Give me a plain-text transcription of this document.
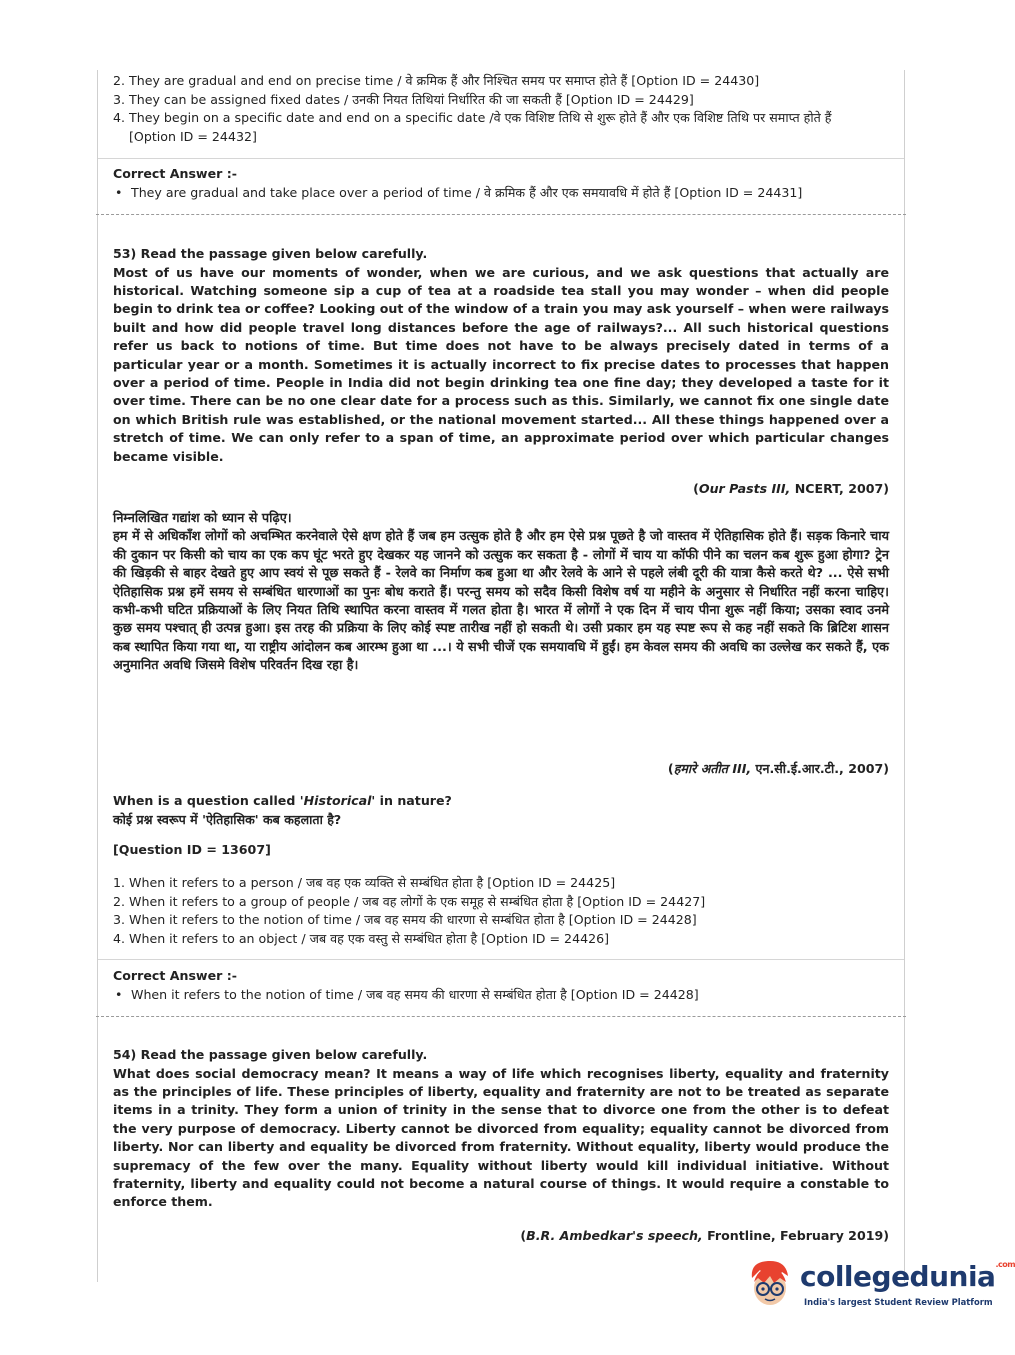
2. They are gradual and end on precise time / वे क्रमिक हैं और निश्चित समय पर समाप्त होते हैं [Option ID = 24430]
3. They can be assigned fixed dates / उनकी नियत तिथियां निर्धारित की जा सकती हैं [Option ID = 24429]
4. They begin on a specific date and end on a specific date /वे एक विशिष्ट तिथि से शुरू होते हैं और एक विशिष्ट तिथि पर समाप्त होते हैं
[Option ID = 24432]
Correct Answer :-
• They are gradual and take place over a period of time / वे क्रमिक हैं और एक समयावधि में होते हैं [Option ID = 24431]
53) Read the passage given below carefully.
Most of us have our moments of wonder, when we are curious, and we ask questions that actually are historical. Watching someone sip a cup of tea at a roadside tea stall you may wonder – when did people begin to drink tea or coffee? Looking out of the window of a train you may ask yourself – when were railways built and how did people travel long distances before the age of railways?... All such historical questions refer us back to notions of time. But time does not have to be always precisely dated in terms of a particular year or a month. Sometimes it is actually incorrect to fix precise dates to processes that happen over a period of time. People in India did not begin drinking tea one fine day; they developed a taste for it over time. There can be no one clear date for a process such as this. Similarly, we cannot fix one single date on which British rule was established, or the national movement started... All these things happened over a stretch of time. We can only refer to a span of time, an approximate period over which particular changes became visible.
(Our Pasts III, NCERT, 2007)
निम्नलिखित गद्यांश को ध्यान से पढ़िए।
हम में से अधिकाँश लोगों को अचम्भित करनेवाले ऐसे क्षण होते हैं जब हम उत्सुक होते है और हम ऐसे प्रश्न पूछते है जो वास्तव में ऐतिहासिक होते हैं। सड़क किनारे चाय की दुकान पर किसी को चाय का एक कप घूंट भरते हुए देखकर यह जानने को उत्सुक कर सकता है - लोगों में चाय या कॉफी पीने का चलन कब शुरू हुआ होगा? ट्रेन की खिड़की से बाहर देखते हुए आप स्वयं से पूछ सकते हैं - रेलवे का निर्माण कब हुआ था और रेलवे के आने से पहले लंबी दूरी की यात्रा कैसे करते थे? ... ऐसे सभी ऐतिहासिक प्रश्न हमें समय से सम्बंधित धारणाओं का पुनः बोध कराते हैं। परन्तु समय को सदैव किसी विशेष वर्ष या महीने के अनुसार से निर्धारित नहीं करना चाहिए। कभी-कभी घटित प्रक्रियाओं के लिए नियत तिथि स्थापित करना वास्तव में गलत होता है। भारत में लोगों ने एक दिन में चाय पीना शुरू नहीं किया; उसका स्वाद उनमे कुछ समय पश्चात् ही उत्पन्न हुआ। इस तरह की प्रक्रिया के लिए कोई स्पष्ट तारीख नहीं हो सकती थे। उसी प्रकार हम यह स्पष्ट रूप से कह नहीं सकते कि ब्रिटिश शासन कब स्थापित किया गया था, या राष्ट्रीय आंदोलन कब आरम्भ हुआ था ...। ये सभी चीजें एक समयावधि में हुईं। हम केवल समय की अवधि का उल्लेख कर सकते हैं, एक अनुमानित अवधि जिसमे विशेष परिवर्तन दिख रहा है।
(हमारे अतीत III, एन.सी.ई.आर.टी., 2007)
When is a question called 'Historical' in nature?
कोई प्रश्न स्वरूप में 'ऐतिहासिक' कब कहलाता है?
[Question ID = 13607]
1. When it refers to a person / जब वह एक व्यक्ति से सम्बंधित होता है [Option ID = 24425]
2. When it refers to a group of people / जब वह लोगों के एक समूह से सम्बंधित होता है [Option ID = 24427]
3. When it refers to the notion of time / जब वह समय की धारणा से सम्बंधित होता है [Option ID = 24428]
4. When it refers to an object / जब वह एक वस्तु से सम्बंधित होता है [Option ID = 24426]
Correct Answer :-
• When it refers to the notion of time / जब वह समय की धारणा से सम्बंधित होता है [Option ID = 24428]
54) Read the passage given below carefully.
What does social democracy mean? It means a way of life which recognises liberty, equality and fraternity as the principles of life. These principles of liberty, equality and fraternity are not to be treated as separate items in a trinity. They form a union of trinity in the sense that to divorce one from the other is to defeat the very purpose of democracy. Liberty cannot be divorced from equality; equality cannot be divorced from liberty. Nor can liberty and equality be divorced from fraternity. Without equality, liberty would produce the supremacy of the few over the many. Equality without liberty would kill individual initiative. Without fraternity, liberty and equality could not become a natural course of things. It would require a constable to enforce them.
(B.R. Ambedkar's speech, Frontline, February 2019)
collegedunia$^{.com}$
India's largest Student Review Platform
